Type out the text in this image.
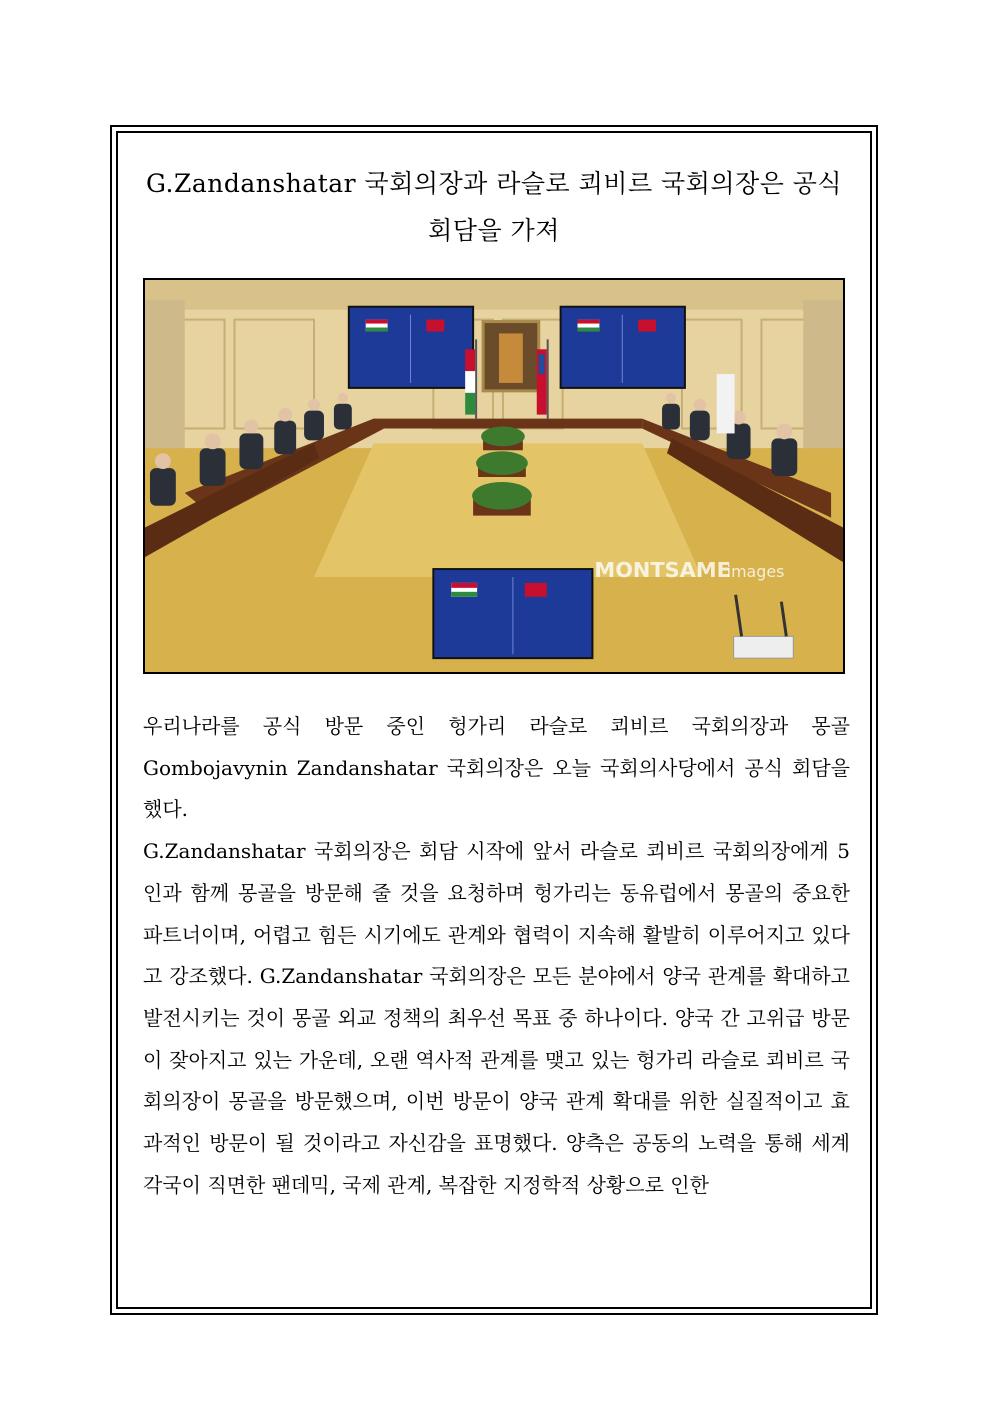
G.Zandanshatar 국회의장과 라슬로 쾨비르 국회의장은 공식
회담을 가져
MONTSAME
images

우리나라를 공식 방문 중인 헝가리 라슬로 쾨비르 국회의장과 몽골 Gombojavynin Zandanshatar 국회의장은 오늘 국회의사당에서 공식 회담을 했다.

G.Zandanshatar 국회의장은 회담 시작에 앞서 라슬로 쾨비르 국회의장에게 5인과 함께 몽골을 방문해 줄 것을 요청하며 헝가리는 동유럽에서 몽골의 중요한 파트너이며, 어렵고 힘든 시기에도 관계와 협력이 지속해 활발히 이루어지고 있다고 강조했다. G.Zandanshatar 국회의장은 모든 분야에서 양국 관계를 확대하고 발전시키는 것이 몽골 외교 정책의 최우선 목표 중 하나이다. 양국 간 고위급 방문이 잦아지고 있는 가운데, 오랜 역사적 관계를 맺고 있는 헝가리 라슬로 쾨비르 국회의장이 몽골을 방문했으며, 이번 방문이 양국 관계 확대를 위한 실질적이고 효과적인 방문이 될 것이라고 자신감을 표명했다. 양측은 공동의 노력을 통해 세계 각국이 직면한 팬데믹, 국제 관계, 복잡한 지정학적 상황으로 인한
